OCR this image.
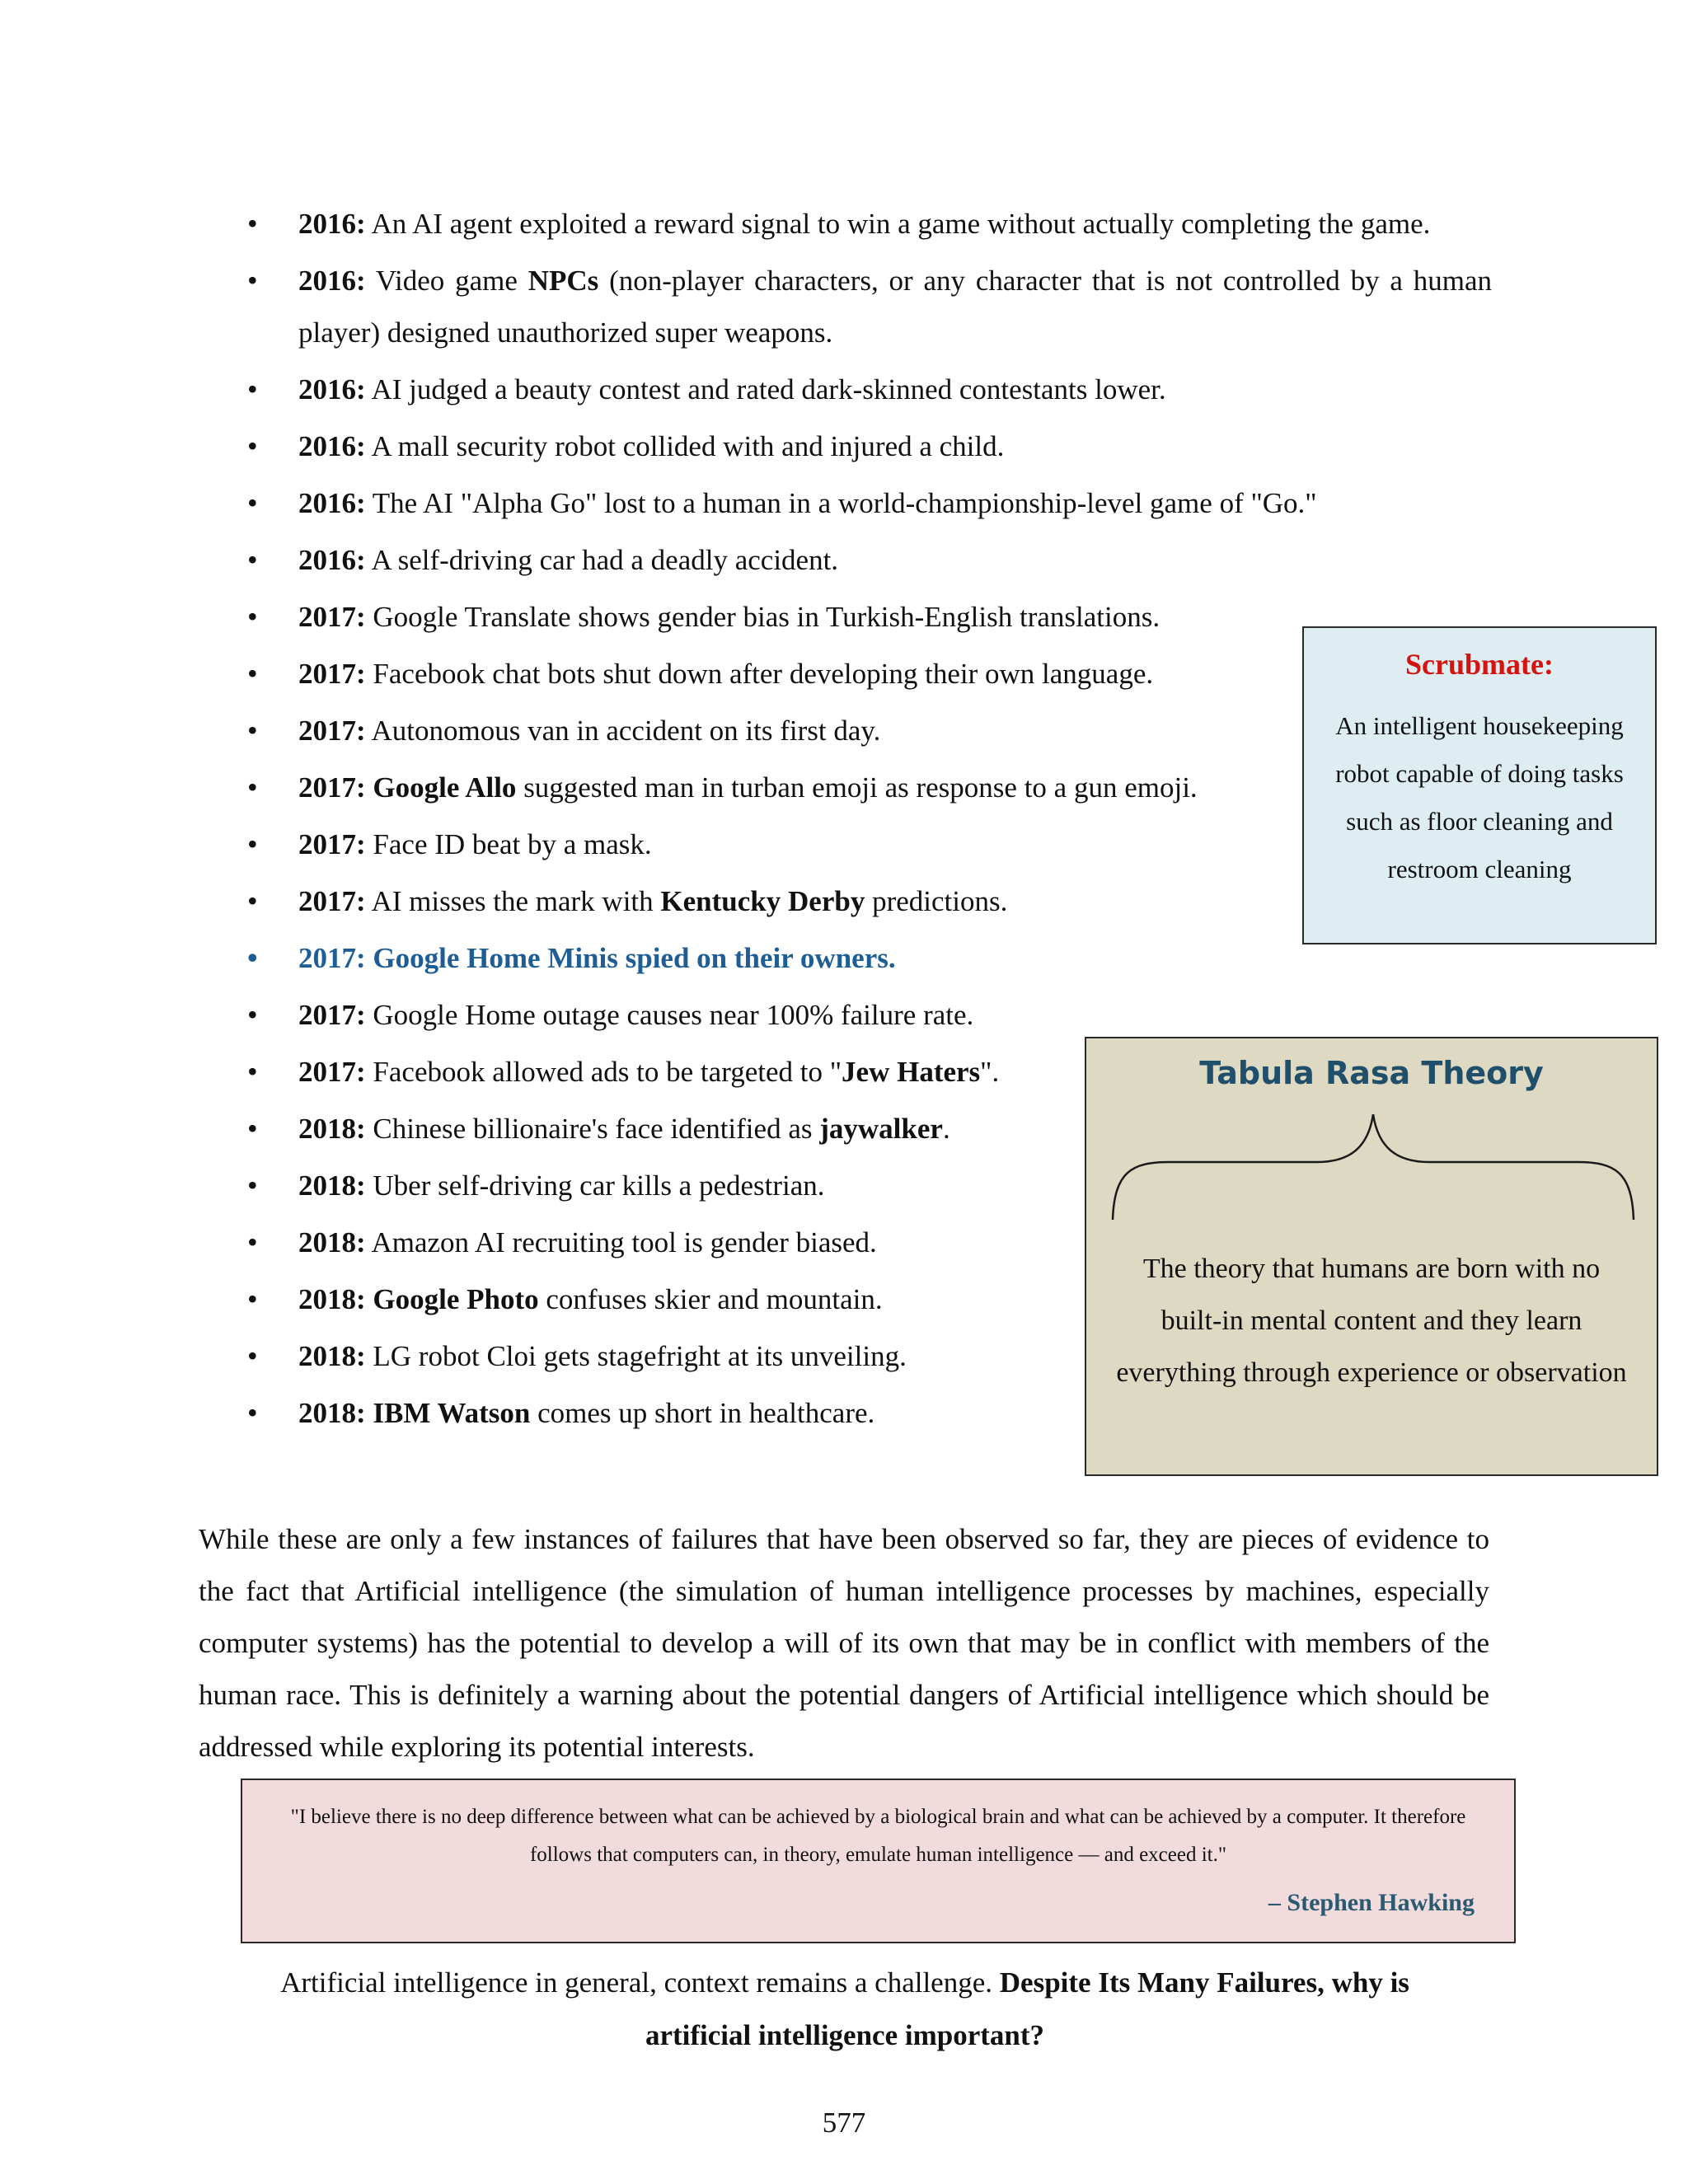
• 2016: An AI agent exploited a reward signal to win a game without actually completing the game.
• 2016: Video game NPCs (non-player characters, or any character that is not controlled by a human player) designed unauthorized super weapons.
• 2016: AI judged a beauty contest and rated dark-skinned contestants lower.
• 2016: A mall security robot collided with and injured a child.
• 2016: The AI "Alpha Go" lost to a human in a world-championship-level game of "Go."
• 2016: A self-driving car had a deadly accident.
• 2017: Google Translate shows gender bias in Turkish-English translations.
• 2017: Facebook chat bots shut down after developing their own language.
• 2017: Autonomous van in accident on its first day.
• 2017: Google Allo suggested man in turban emoji as response to a gun emoji.
• 2017: Face ID beat by a mask.
• 2017: AI misses the mark with Kentucky Derby predictions.
• 2017: Google Home Minis spied on their owners.
• 2017: Google Home outage causes near 100% failure rate.
• 2017: Facebook allowed ads to be targeted to "Jew Haters".
• 2018: Chinese billionaire's face identified as jaywalker.
• 2018: Uber self-driving car kills a pedestrian.
• 2018: Amazon AI recruiting tool is gender biased.
• 2018: Google Photo confuses skier and mountain.
• 2018: LG robot Cloi gets stagefright at its unveiling.
• 2018: IBM Watson comes up short in healthcare.
Scrubmate:
An intelligent housekeeping robot capable of doing tasks such as floor cleaning and restroom cleaning
Tabula Rasa Theory
The theory that humans are born with no built-in mental content and they learn everything through experience or observation

While these are only a few instances of failures that have been observed so far, they are pieces of evidence to the fact that Artificial intelligence (the simulation of human intelligence processes by machines, especially computer systems) has the potential to develop a will of its own that may be in conflict with members of the human race. This is definitely a warning about the potential dangers of Artificial intelligence which should be addressed while exploring its potential interests.

"I believe there is no deep difference between what can be achieved by a biological brain and what can be achieved by a computer. It therefore follows that computers can, in theory, emulate human intelligence — and exceed it."
– Stephen Hawking

Artificial intelligence in general, context remains a challenge. Despite Its Many Failures, why is artificial intelligence important?

577
